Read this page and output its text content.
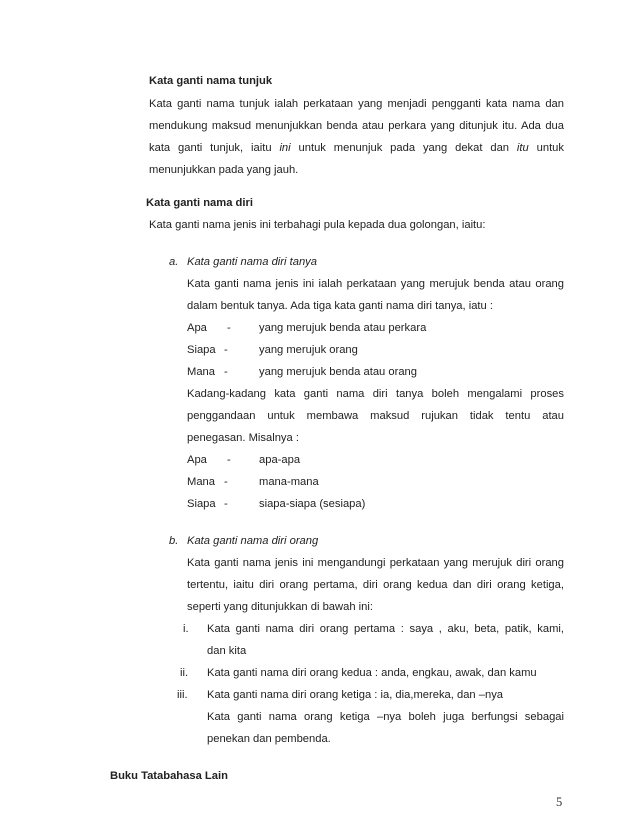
Kata ganti nama tunjuk
Kata ganti nama tunjuk ialah perkataan yang menjadi pengganti kata nama dan
mendukung maksud menunjukkan benda atau perkara yang ditunjuk itu. Ada dua
kata ganti tunjuk, iaitu ini untuk menunjuk pada yang dekat dan itu untuk
menunjukkan pada yang jauh.
Kata ganti nama diri
Kata ganti nama jenis ini terbahagi pula kepada dua golongan, iaitu:
a. Kata ganti nama diri tanya
Kata ganti nama jenis ini ialah perkataan yang merujuk benda atau orang
dalam bentuk tanya. Ada tiga kata ganti nama diri tanya, iatu :
Apa -	yang merujuk benda atau perkara
Siapa -	yang merujuk orang
Mana -	yang merujuk benda atau orang
Kadang-kadang kata ganti nama diri tanya boleh mengalami proses
penggandaan untuk membawa maksud rujukan tidak tentu atau
penegasan. Misalnya :
Apa -	apa-apa
Mana -	mana-mana
Siapa -	siapa-siapa (sesiapa)
b. Kata ganti nama diri orang
Kata ganti nama jenis ini mengandungi perkataan yang merujuk diri orang
tertentu, iaitu diri orang pertama, diri orang kedua dan diri orang ketiga,
seperti yang ditunjukkan di bawah ini:
i. Kata ganti nama diri orang pertama : saya , aku, beta, patik, kami,
dan kita
ii. Kata ganti nama diri orang kedua : anda, engkau, awak, dan kamu
iii. Kata ganti nama diri orang ketiga : ia, dia,mereka, dan –nya
Kata ganti nama orang ketiga –nya boleh juga berfungsi sebagai
penekan dan pembenda.
Buku Tatabahasa Lain
5
